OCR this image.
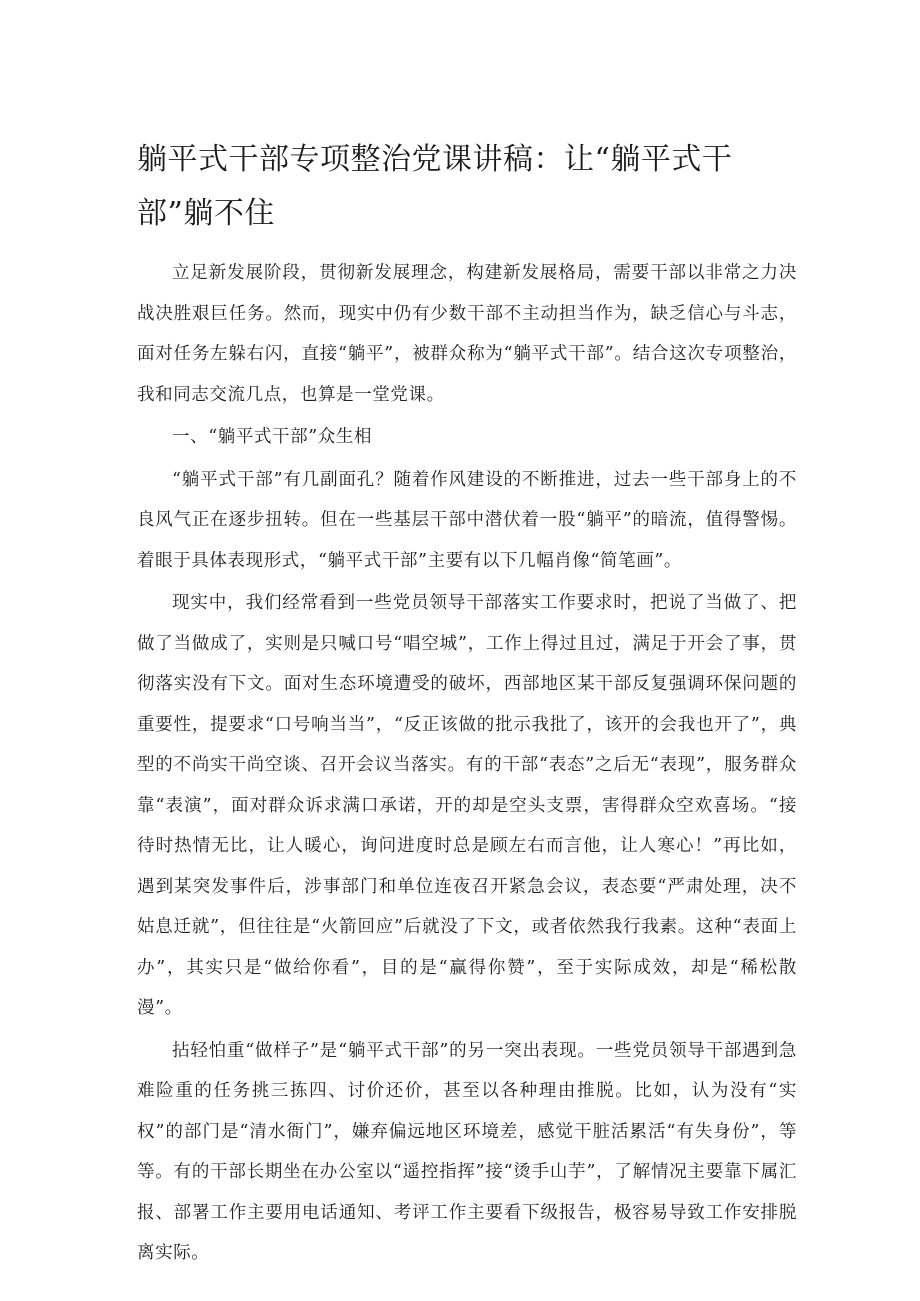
躺平式干部专项整治党课讲稿：让“躺平式干部”躺不住

立足新发展阶段，贯彻新发展理念，构建新发展格局，需要干部以非常之力决战决胜艰巨任务。然而，现实中仍有少数干部不主动担当作为，缺乏信心与斗志，面对任务左躲右闪，直接“躺平”，被群众称为“躺平式干部”。结合这次专项整治，我和同志交流几点，也算是一堂党课。

一、“躺平式干部”众生相

“躺平式干部”有几副面孔？随着作风建设的不断推进，过去一些干部身上的不良风气正在逐步扭转。但在一些基层干部中潜伏着一股“躺平”的暗流，值得警惕。着眼于具体表现形式，“躺平式干部”主要有以下几幅肖像“简笔画”。

现实中，我们经常看到一些党员领导干部落实工作要求时，把说了当做了、把做了当做成了，实则是只喊口号“唱空城”，工作上得过且过，满足于开会了事，贯彻落实没有下文。面对生态环境遭受的破坏，西部地区某干部反复强调环保问题的重要性，提要求“口号响当当”，“反正该做的批示我批了，该开的会我也开了”，典型的不尚实干尚空谈、召开会议当落实。有的干部“表态”之后无“表现”，服务群众靠“表演”，面对群众诉求满口承诺，开的却是空头支票，害得群众空欢喜场。“接待时热情无比，让人暖心，询问进度时总是顾左右而言他，让人寒心！”再比如，遇到某突发事件后，涉事部门和单位连夜召开紧急会议，表态要“严肃处理，决不姑息迁就”，但往往是“火箭回应”后就没了下文，或者依然我行我素。这种“表面上办”，其实只是“做给你看”，目的是“赢得你赞”，至于实际成效，却是“稀松散漫”。

拈轻怕重“做样子”是“躺平式干部”的另一突出表现。一些党员领导干部遇到急难险重的任务挑三拣四、讨价还价，甚至以各种理由推脱。比如，认为没有“实权”的部门是“清水衙门”，嫌弃偏远地区环境差，感觉干脏活累活“有失身份”，等等。有的干部长期坐在办公室以“遥控指挥”接“烫手山芋”，了解情况主要靠下属汇报、部署工作主要用电话通知、考评工作主要看下级报告，极容易导致工作安排脱离实际。
